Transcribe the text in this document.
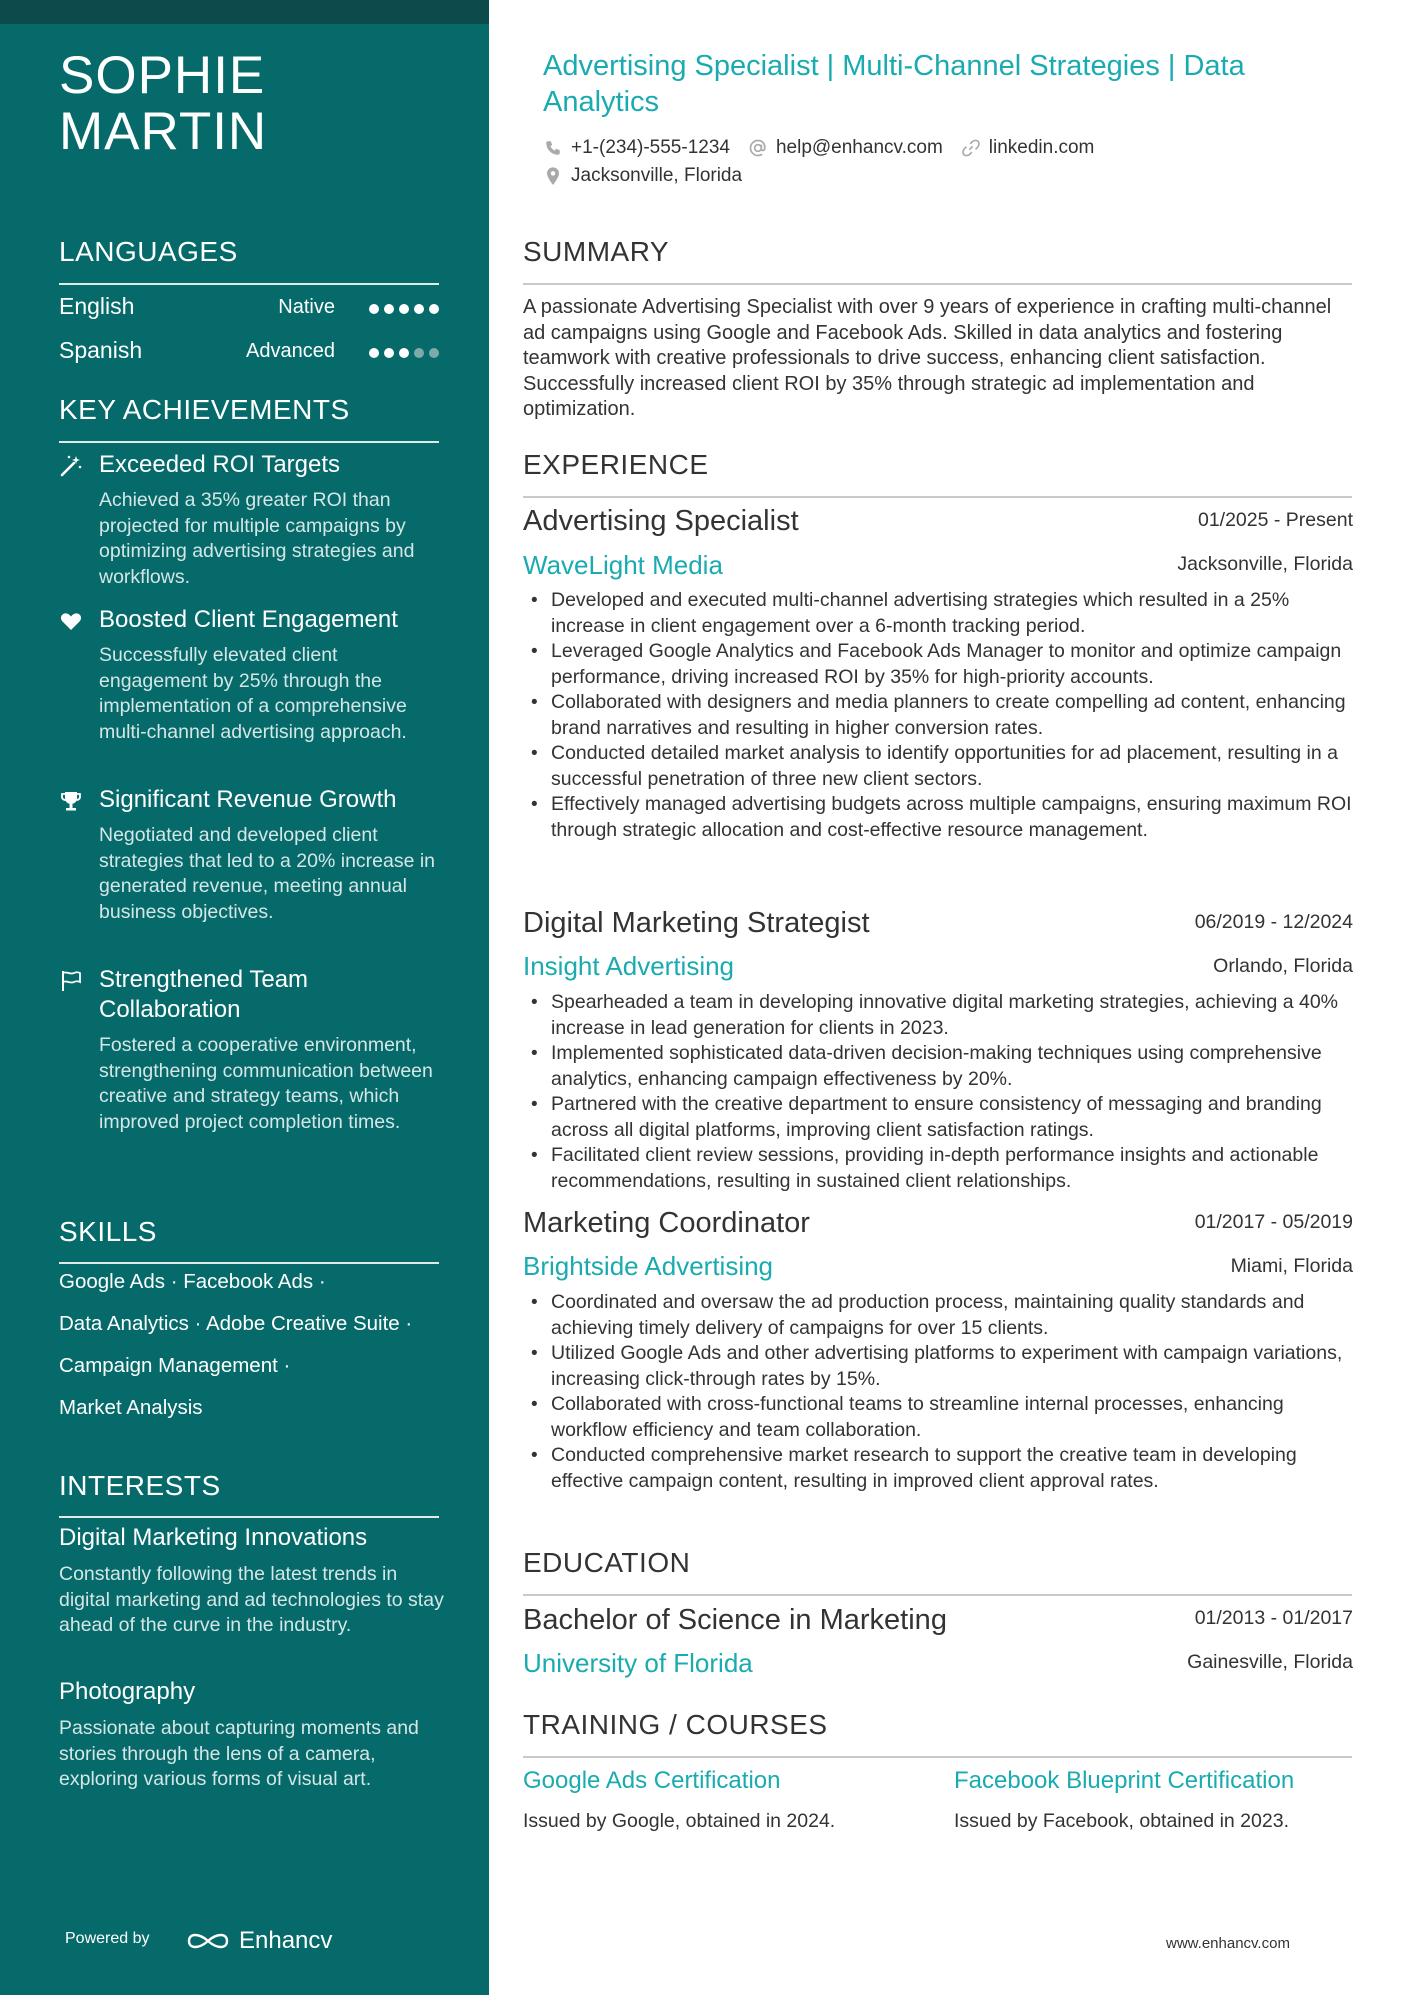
SOPHIE
MARTIN
LANGUAGES
English	Native
Spanish	Advanced
KEY ACHIEVEMENTS
Exceeded ROI Targets
Achieved a 35% greater ROI than projected for multiple campaigns by optimizing advertising strategies and workflows.
Boosted Client Engagement
Successfully elevated client engagement by 25% through the implementation of a comprehensive multi-channel advertising approach.
Significant Revenue Growth
Negotiated and developed client strategies that led to a 20% increase in generated revenue, meeting annual business objectives.
Strengthened Team Collaboration
Fostered a cooperative environment, strengthening communication between creative and strategy teams, which improved project completion times.
SKILLS
Google Ads · Facebook Ads ·
Data Analytics · Adobe Creative Suite ·
Campaign Management ·
Market Analysis
INTERESTS
Digital Marketing Innovations
Constantly following the latest trends in digital marketing and ad technologies to stay ahead of the curve in the industry.
Photography
Passionate about capturing moments and stories through the lens of a camera, exploring various forms of visual art.
Powered by	Enhancv
Advertising Specialist | Multi-Channel Strategies | Data Analytics
+1-(234)-555-1234 help@enhancv.com linkedin.com
Jacksonville, Florida
SUMMARY
A passionate Advertising Specialist with over 9 years of experience in crafting multi-channel ad campaigns using Google and Facebook Ads. Skilled in data analytics and fostering teamwork with creative professionals to drive success, enhancing client satisfaction. Successfully increased client ROI by 35% through strategic ad implementation and optimization.
EXPERIENCE
Advertising Specialist	01/2025 - Present
WaveLight Media	Jacksonville, Florida
• Developed and executed multi-channel advertising strategies which resulted in a 25% increase in client engagement over a 6-month tracking period.
• Leveraged Google Analytics and Facebook Ads Manager to monitor and optimize campaign performance, driving increased ROI by 35% for high-priority accounts.
• Collaborated with designers and media planners to create compelling ad content, enhancing brand narratives and resulting in higher conversion rates.
• Conducted detailed market analysis to identify opportunities for ad placement, resulting in a successful penetration of three new client sectors.
• Effectively managed advertising budgets across multiple campaigns, ensuring maximum ROI through strategic allocation and cost-effective resource management.
Digital Marketing Strategist	06/2019 - 12/2024
Insight Advertising	Orlando, Florida
• Spearheaded a team in developing innovative digital marketing strategies, achieving a 40% increase in lead generation for clients in 2023.
• Implemented sophisticated data-driven decision-making techniques using comprehensive analytics, enhancing campaign effectiveness by 20%.
• Partnered with the creative department to ensure consistency of messaging and branding across all digital platforms, improving client satisfaction ratings.
• Facilitated client review sessions, providing in-depth performance insights and actionable recommendations, resulting in sustained client relationships.
Marketing Coordinator	01/2017 - 05/2019
Brightside Advertising	Miami, Florida
• Coordinated and oversaw the ad production process, maintaining quality standards and achieving timely delivery of campaigns for over 15 clients.
• Utilized Google Ads and other advertising platforms to experiment with campaign variations, increasing click-through rates by 15%.
• Collaborated with cross-functional teams to streamline internal processes, enhancing workflow efficiency and team collaboration.
• Conducted comprehensive market research to support the creative team in developing effective campaign content, resulting in improved client approval rates.
EDUCATION
Bachelor of Science in Marketing	01/2013 - 01/2017
University of Florida	Gainesville, Florida
TRAINING / COURSES
Google Ads Certification
Issued by Google, obtained in 2024.
Facebook Blueprint Certification
Issued by Facebook, obtained in 2023.
www.enhancv.com
